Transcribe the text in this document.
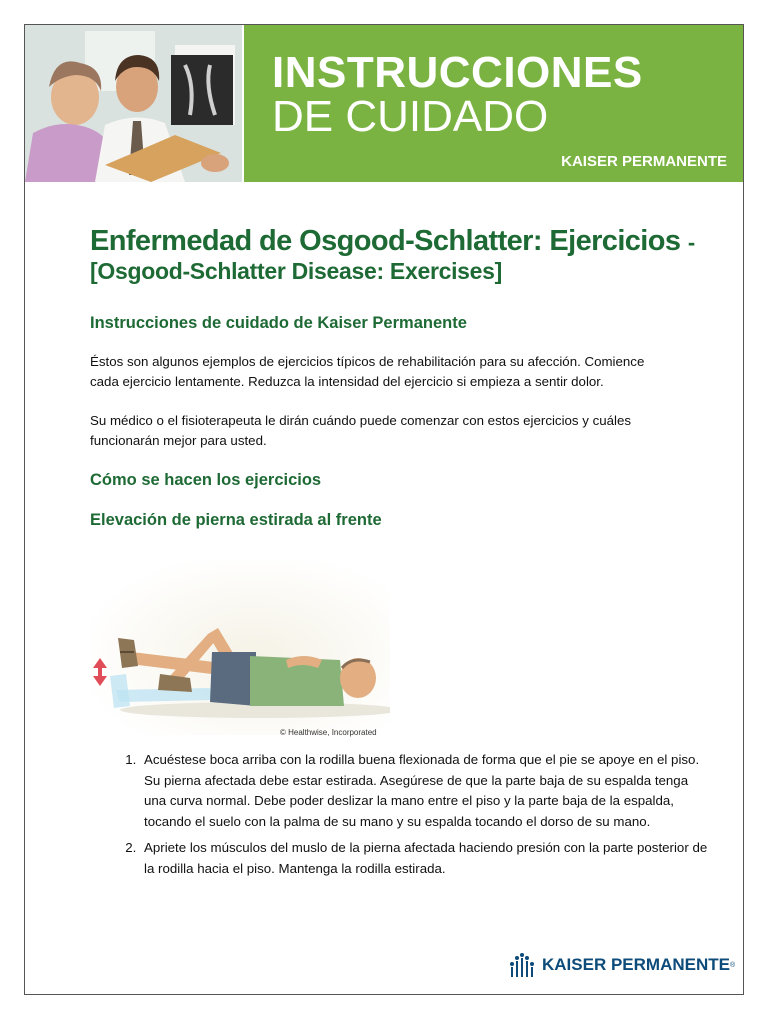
INSTRUCCIONES
DE CUIDADO
KAISER PERMANENTE
Enfermedad de Osgood-Schlatter: Ejercicios -
[Osgood-Schlatter Disease: Exercises]
Instrucciones de cuidado de Kaiser Permanente
Éstos son algunos ejemplos de ejercicios típicos de rehabilitación para su afección. Comience cada ejercicio lentamente. Reduzca la intensidad del ejercicio si empieza a sentir dolor.
Su médico o el fisioterapeuta le dirán cuándo puede comenzar con estos ejercicios y cuáles funcionarán mejor para usted.
Cómo se hacen los ejercicios
Elevación de pierna estirada al frente
© Healthwise, Incorporated
1. Acuéstese boca arriba con la rodilla buena flexionada de forma que el pie se apoye en el piso. Su pierna afectada debe estar estirada. Asegúrese de que la parte baja de su espalda tenga una curva normal. Debe poder deslizar la mano entre el piso y la parte baja de la espalda, tocando el suelo con la palma de su mano y su espalda tocando el dorso de su mano.
2. Apriete los músculos del muslo de la pierna afectada haciendo presión con la parte posterior de la rodilla hacia el piso. Mantenga la rodilla estirada.
KAISER PERMANENTE ®
